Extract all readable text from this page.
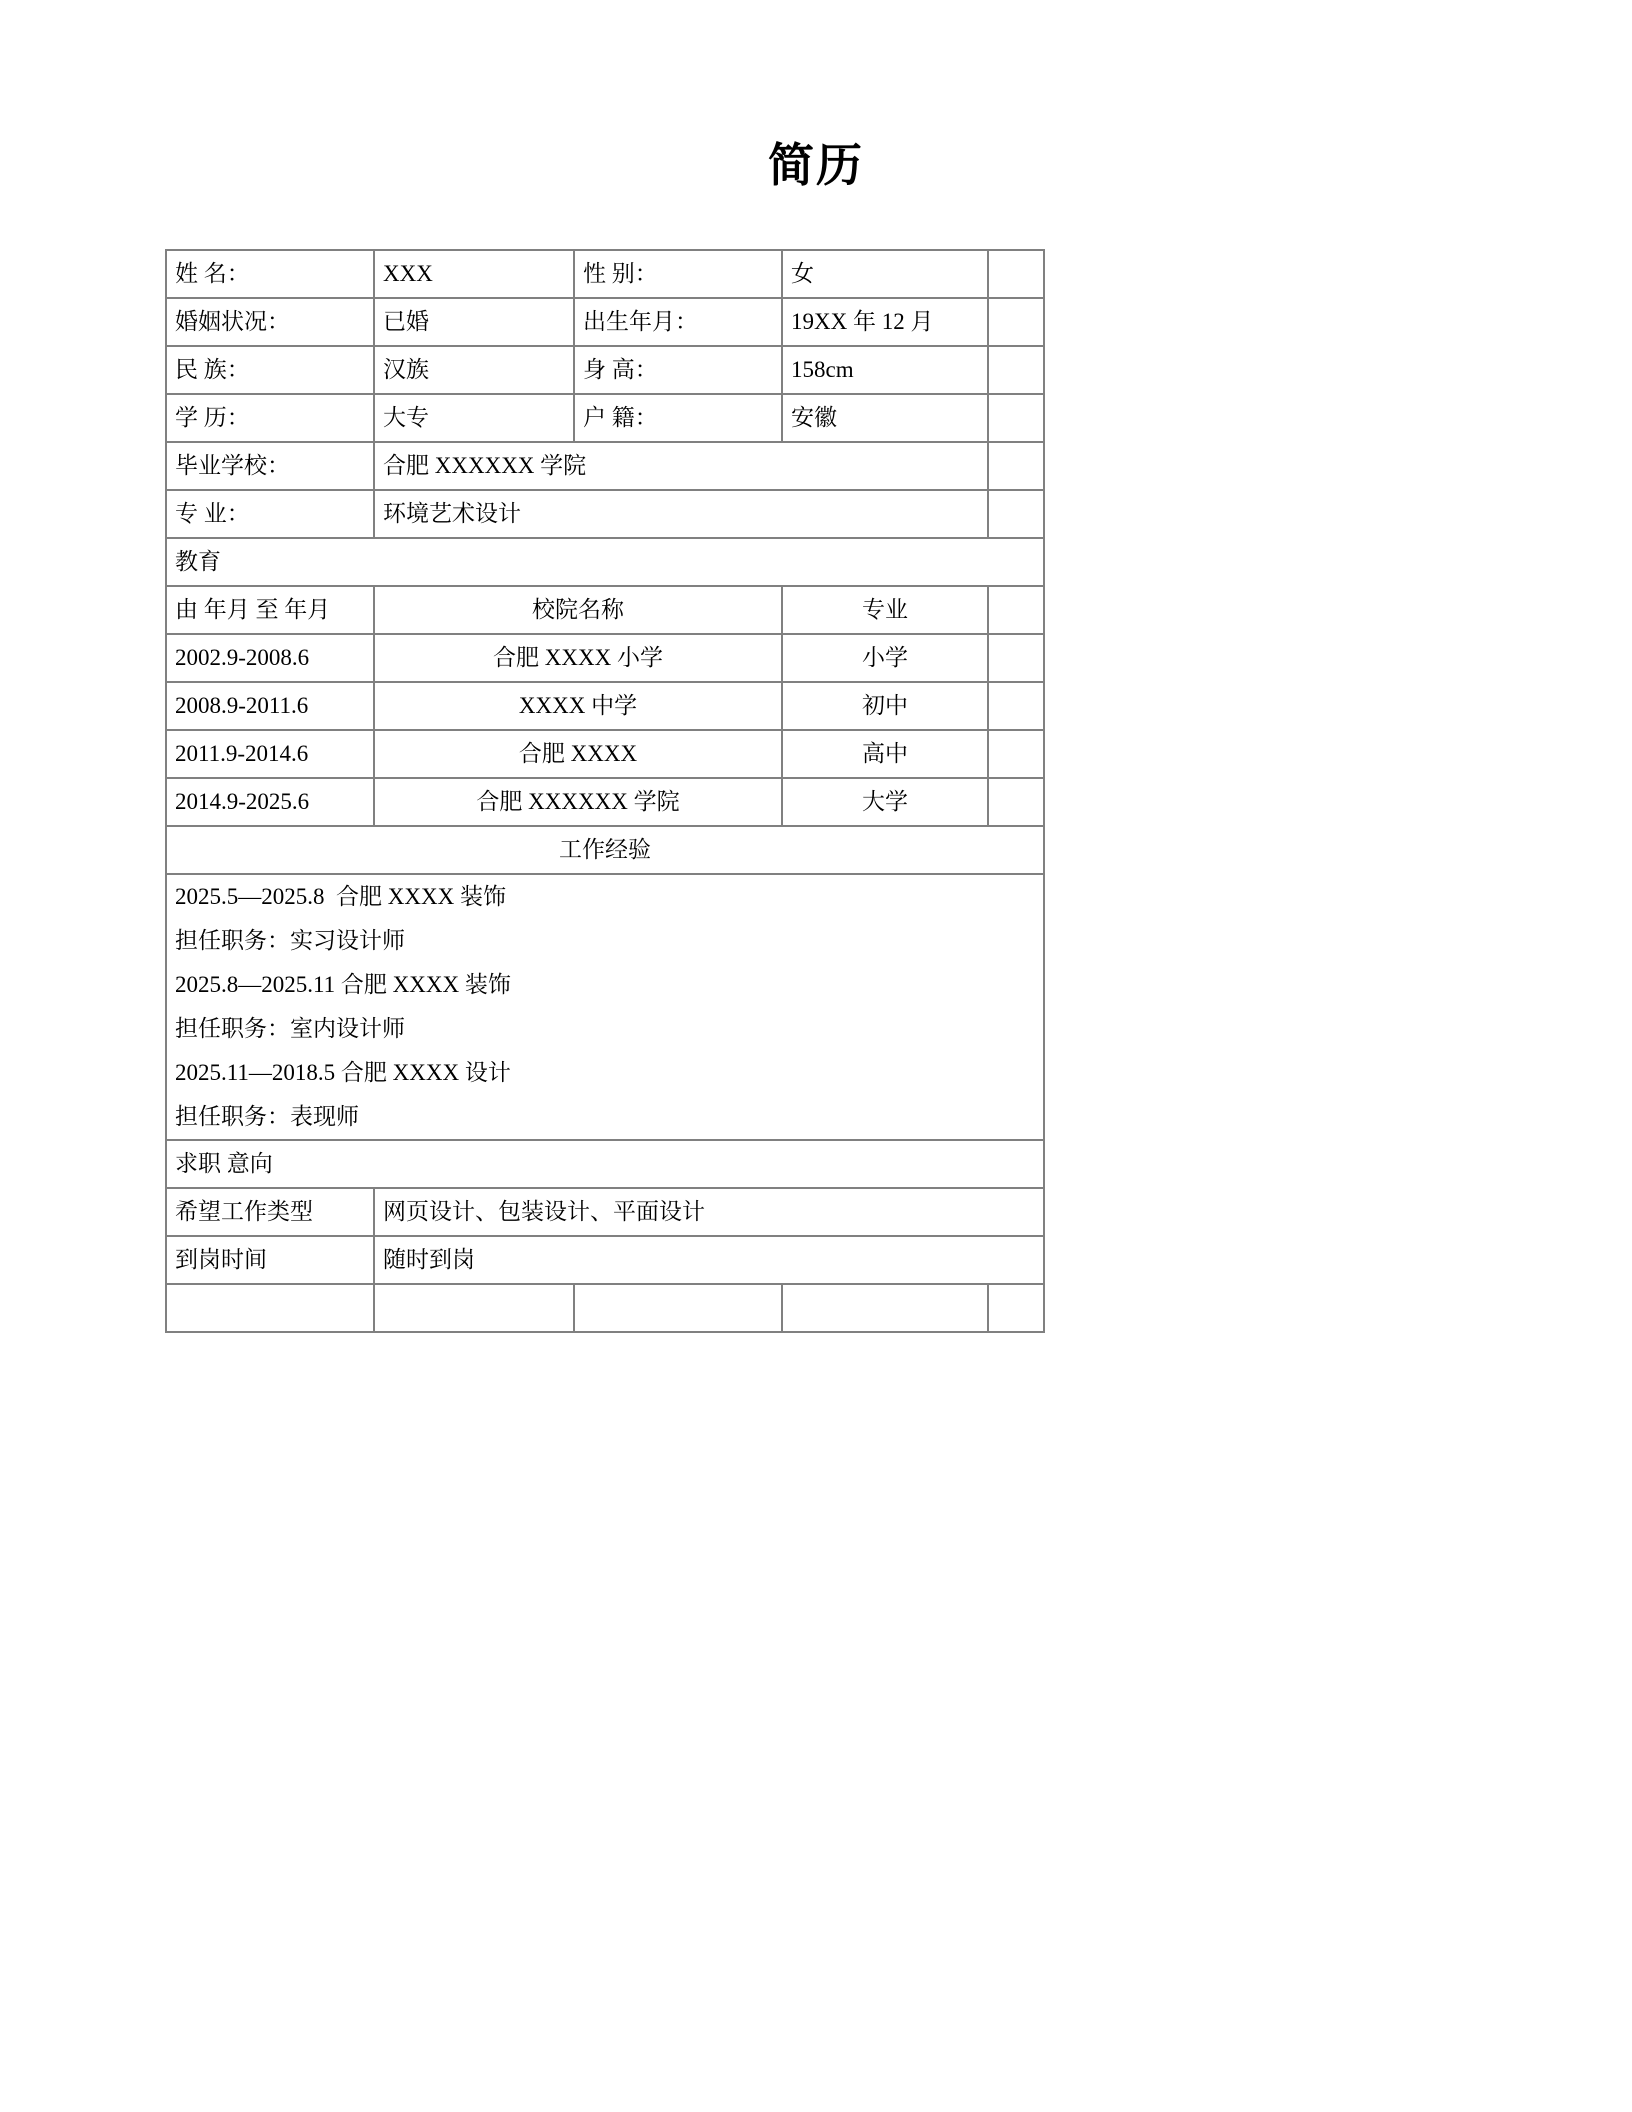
简历
姓 名：	XXX	性 别：	女	
婚姻状况：	已婚	出生年月：	19XX 年 12 月	
民 族：	汉族	身 高：	158cm	
学 历：	大专	户 籍：	安徽	
毕业学校：	合肥 XXXXXX 学院			
专 业：	环境艺术设计			
教育				
由 年月 至 年月	校院名称		专业	
2002.9-2008.6	合肥 XXXX 小学		小学	
2008.9-2011.6	XXXX 中学		初中	
2011.9-2014.6	合肥 XXXX		高中	
2014.9-2025.6	合肥 XXXXXX 学院		大学	
工作经验				

2025.5—2025.8  合肥 XXXX 装饰
担任职务：实习设计师
2025.8—2025.11 合肥 XXXX 装饰
担任职务：室内设计师
2025.11—2018.5 合肥 XXXX 设计
担任职务：表现师

求职 意向				
希望工作类型	网页设计、包装设计、平面设计			
到岗时间	随时到岗			
